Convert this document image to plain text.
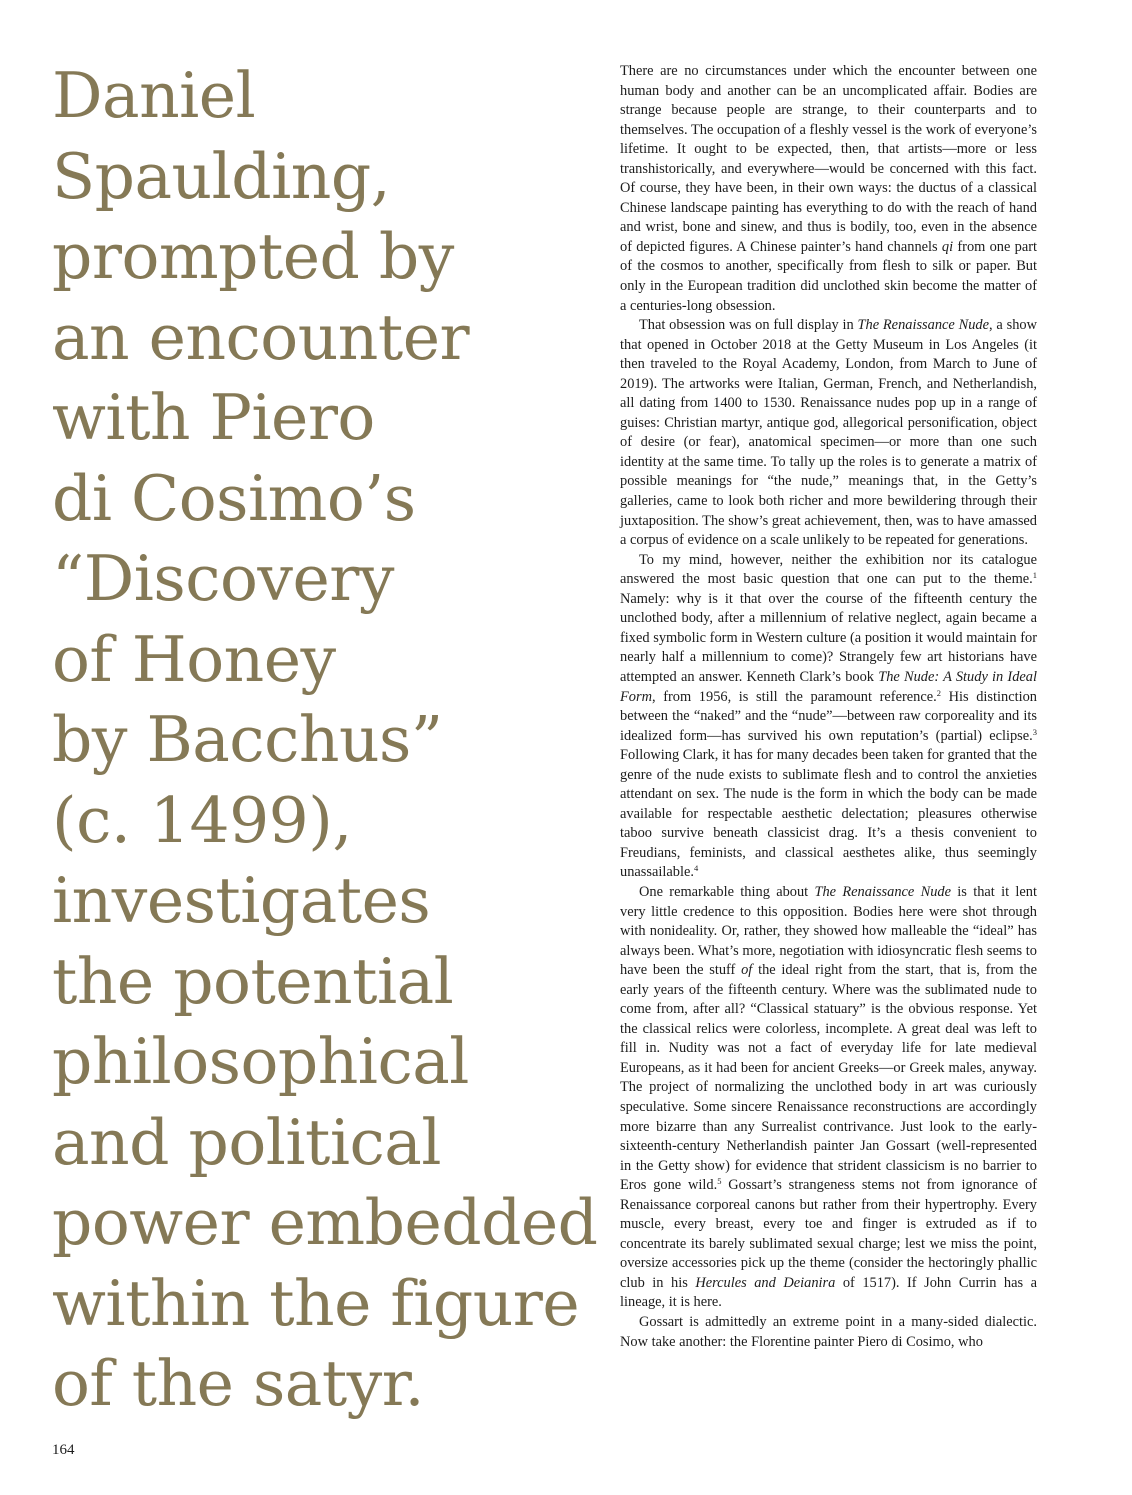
Daniel
Spaulding,
prompted by
an encounter
with Piero
di Cosimo’s
“Discovery
of Honey
by Bacchus”
(c. 1499),
investigates
the potential
philosophical
and political
power embedded
within the figure
of the satyr.

There are no circumstances under which the encounter between one human body and another can be an uncomplicated affair. Bodies are strange because people are strange, to their counterparts and to themselves. The occupation of a fleshly vessel is the work of everyone’s lifetime. It ought to be expected, then, that artists—more or less transhistorically, and everywhere—would be concerned with this fact. Of course, they have been, in their own ways: the ductus of a classical Chinese landscape painting has everything to do with the reach of hand and wrist, bone and sinew, and thus is bodily, too, even in the absence of depicted figures. A Chinese painter’s hand channels qi from one part of the cosmos to another, specifically from flesh to silk or paper. But only in the European tradition did unclothed skin become the matter of a centuries-long obsession.

That obsession was on full display in The Renaissance Nude, a show that opened in October 2018 at the Getty Museum in Los Angeles (it then traveled to the Royal Academy, London, from March to June of 2019). The artworks were Italian, German, French, and Netherlandish, all dating from 1400 to 1530. Renaissance nudes pop up in a range of guises: Christian martyr, antique god, allegorical personification, object of desire (or fear), anatomical specimen—or more than one such identity at the same time. To tally up the roles is to generate a matrix of possible meanings for “the nude,” meanings that, in the Getty’s galleries, came to look both richer and more bewildering through their juxtaposition. The show’s great achievement, then, was to have amassed a corpus of evidence on a scale unlikely to be repeated for generations.

To my mind, however, neither the exhibition nor its catalogue answered the most basic question that one can put to the theme.$^1$ Namely: why is it that over the course of the fifteenth century the unclothed body, after a millennium of relative neglect, again became a fixed symbolic form in Western culture (a position it would maintain for nearly half a millennium to come)? Strangely few art historians have attempted an answer. Kenneth Clark’s book The Nude: A Study in Ideal Form, from 1956, is still the paramount reference.$^2$ His distinction between the “naked” and the “nude”—between raw corporeality and its idealized form—has survived his own reputation’s (partial) eclipse.$^3$ Following Clark, it has for many decades been taken for granted that the genre of the nude exists to sublimate flesh and to control the anxieties attendant on sex. The nude is the form in which the body can be made available for respectable aesthetic delectation; pleasures otherwise taboo survive beneath classicist drag. It’s a thesis convenient to Freudians, feminists, and classical aesthetes alike, thus seemingly unassailable.$^4$

One remarkable thing about The Renaissance Nude is that it lent very little credence to this opposition. Bodies here were shot through with nonideality. Or, rather, they showed how malleable the “ideal” has always been. What’s more, negotiation with idiosyncratic flesh seems to have been the stuff of the ideal right from the start, that is, from the early years of the fifteenth century. Where was the sublimated nude to come from, after all? “Classical statuary” is the obvious response. Yet the classical relics were colorless, incomplete. A great deal was left to fill in. Nudity was not a fact of everyday life for late medieval Europeans, as it had been for ancient Greeks—or Greek males, anyway. The project of normalizing the unclothed body in art was curiously speculative. Some sincere Renaissance reconstructions are accordingly more bizarre than any Surrealist contrivance. Just look to the early-sixteenth-century Netherlandish painter Jan Gossart (well-represented in the Getty show) for evidence that strident classicism is no barrier to Eros gone wild.$^5$ Gossart’s strangeness stems not from ignorance of Renaissance corporeal canons but rather from their hypertrophy. Every muscle, every breast, every toe and finger is extruded as if to concentrate its barely sublimated sexual charge; lest we miss the point, oversize accessories pick up the theme (consider the hectoringly phallic club in his Hercules and Deianira of 1517). If John Currin has a lineage, it is here.

Gossart is admittedly an extreme point in a many-sided dialectic. Now take another: the Florentine painter Piero di Cosimo, who

164
